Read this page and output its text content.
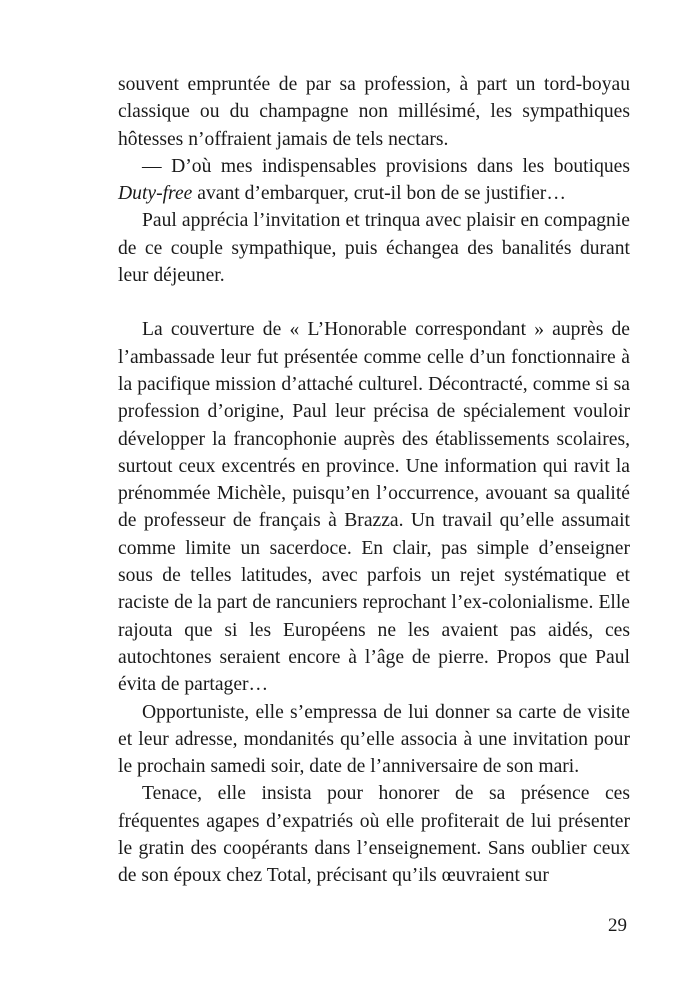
souvent empruntée de par sa profession, à part un tord-boyau classique ou du champagne non millésimé, les sympathiques hôtesses n’offraient jamais de tels nectars.

— D’où mes indispensables provisions dans les boutiques Duty-free avant d’embarquer, crut-il bon de se justifier…

Paul apprécia l’invitation et trinqua avec plaisir en compagnie de ce couple sympathique, puis échangea des banalités durant leur déjeuner.

La couverture de « L’Honorable correspondant » auprès de l’ambassade leur fut présentée comme celle d’un fonctionnaire à la pacifique mission d’attaché culturel. Décontracté, comme si sa profession d’origine, Paul leur précisa de spécialement vouloir développer la francophonie auprès des établissements scolaires, surtout ceux excentrés en province. Une information qui ravit la prénommée Michèle, puisqu’en l’occurrence, avouant sa qualité de professeur de français à Brazza. Un travail qu’elle assumait comme limite un sacerdoce. En clair, pas simple d’enseigner sous de telles latitudes, avec parfois un rejet systématique et raciste de la part de rancuniers reprochant l’ex-colonialisme. Elle rajouta que si les Européens ne les avaient pas aidés, ces autochtones seraient encore à l’âge de pierre. Propos que Paul évita de partager…

Opportuniste, elle s’empressa de lui donner sa carte de visite et leur adresse, mondanités qu’elle associa à une invitation pour le prochain samedi soir, date de l’anniversaire de son mari.

Tenace, elle insista pour honorer de sa présence ces fréquentes agapes d’expatriés où elle profiterait de lui présenter le gratin des coopérants dans l’enseignement. Sans oublier ceux de son époux chez Total, précisant qu’ils œuvraient sur

29
